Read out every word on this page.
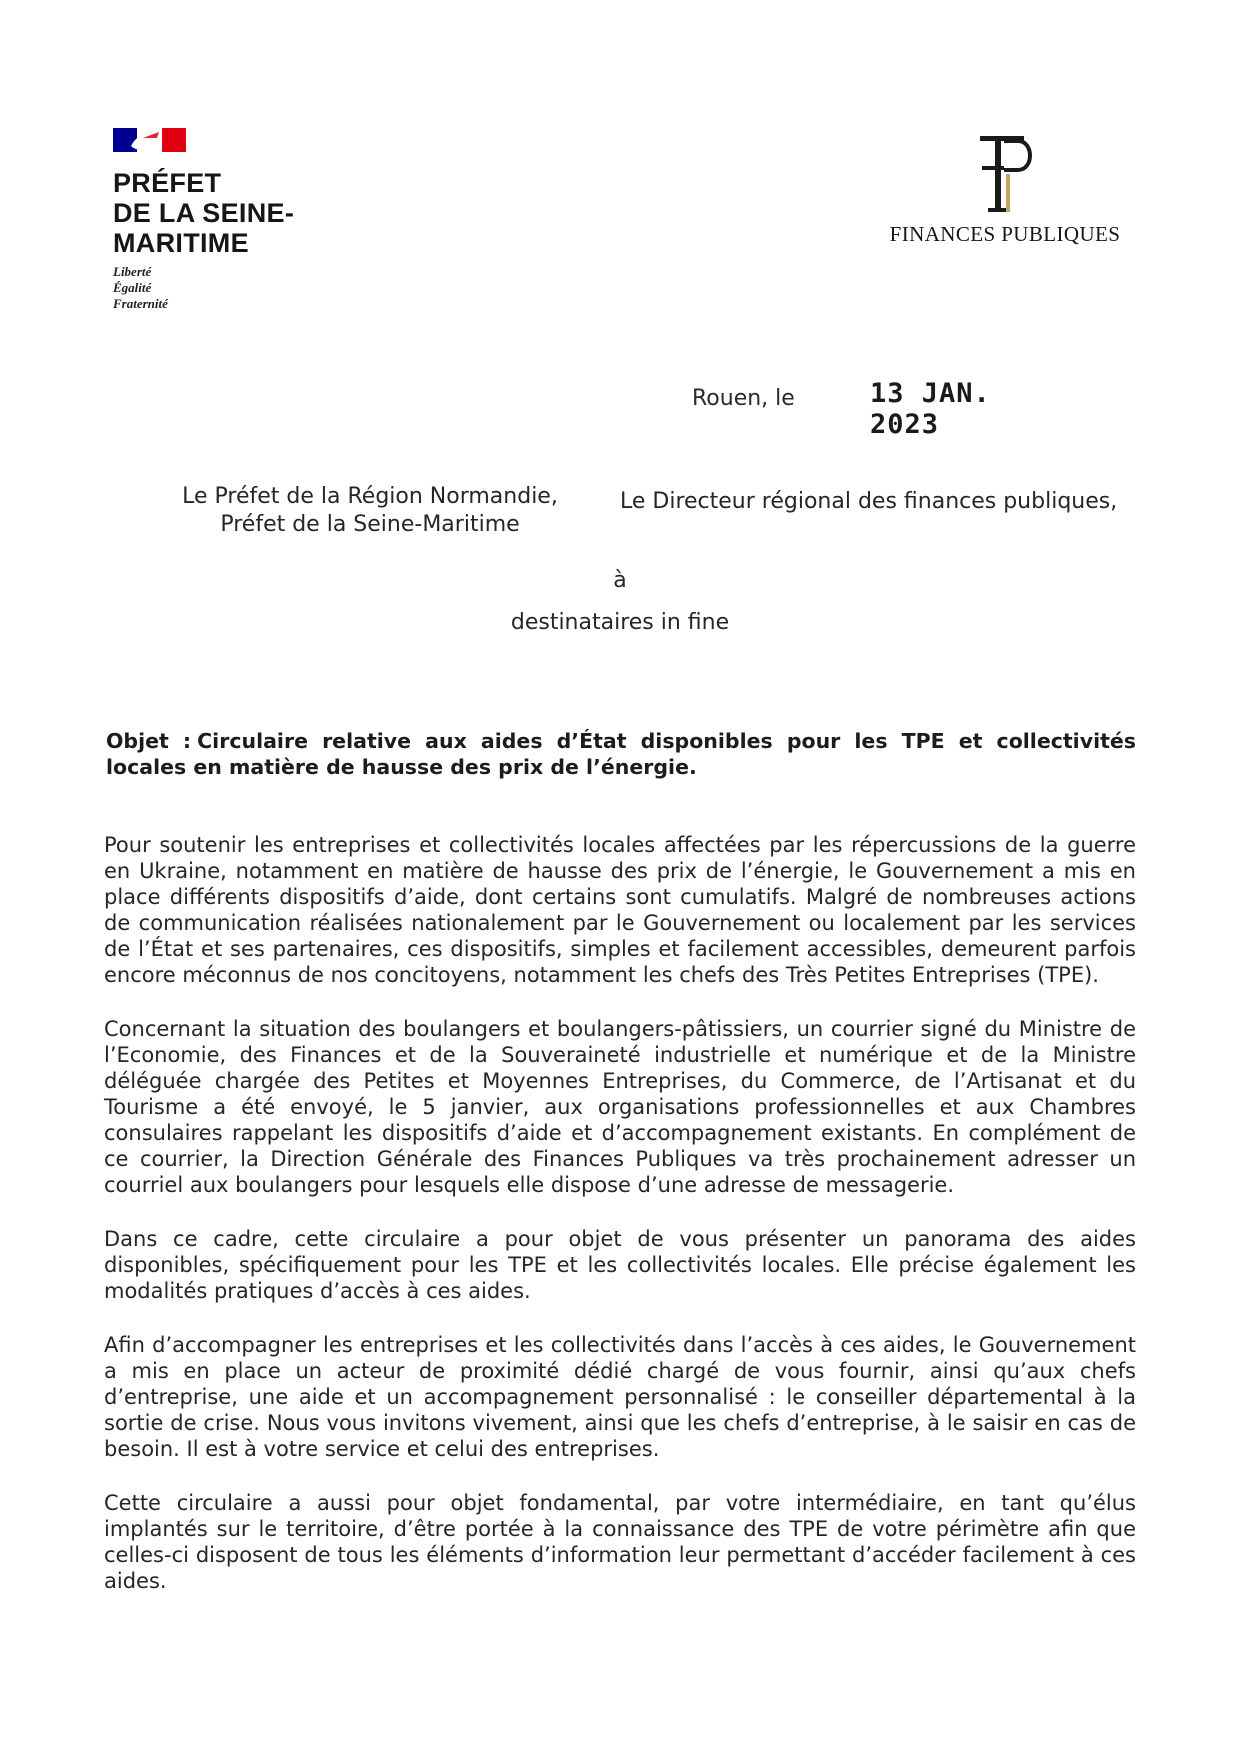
PRÉFET
DE LA SEINE-
MARITIME
Liberté
Égalité
Fraternité
FINANCES PUBLIQUES
Rouen, le	13 JAN. 2023
Le Préfet de la Région Normandie,
Préfet de la Seine-Maritime
Le Directeur régional des finances publiques,
à
destinataires in fine
Objet : Circulaire relative aux aides d’État disponibles pour les TPE et collectivités locales en matière de hausse des prix de l’énergie.

Pour soutenir les entreprises et collectivités locales affectées par les répercussions de la guerre en Ukraine, notamment en matière de hausse des prix de l’énergie, le Gouvernement a mis en place différents dispositifs d’aide, dont certains sont cumulatifs. Malgré de nombreuses actions de communication réalisées nationalement par le Gouvernement ou localement par les services de l’État et ses partenaires, ces dispositifs, simples et facilement accessibles, demeurent parfois encore méconnus de nos concitoyens, notamment les chefs des Très Petites Entreprises (TPE).

Concernant la situation des boulangers et boulangers-pâtissiers, un courrier signé du Ministre de l’Economie, des Finances et de la Souveraineté industrielle et numérique et de la Ministre déléguée chargée des Petites et Moyennes Entreprises, du Commerce, de l’Artisanat et du Tourisme a été envoyé, le 5 janvier, aux organisations professionnelles et aux Chambres consulaires rappelant les dispositifs d’aide et d’accompagnement existants. En complément de ce courrier, la Direction Générale des Finances Publiques va très prochainement adresser un courriel aux boulangers pour lesquels elle dispose d’une adresse de messagerie.

Dans ce cadre, cette circulaire a pour objet de vous présenter un panorama des aides disponibles, spécifiquement pour les TPE et les collectivités locales. Elle précise également les modalités pratiques d’accès à ces aides.

Afin d’accompagner les entreprises et les collectivités dans l’accès à ces aides, le Gouvernement a mis en place un acteur de proximité dédié chargé de vous fournir, ainsi qu’aux chefs d’entreprise, une aide et un accompagnement personnalisé : le conseiller départemental à la sortie de crise. Nous vous invitons vivement, ainsi que les chefs d’entreprise, à le saisir en cas de besoin. Il est à votre service et celui des entreprises.

Cette circulaire a aussi pour objet fondamental, par votre intermédiaire, en tant qu’élus implantés sur le territoire, d’être portée à la connaissance des TPE de votre périmètre afin que celles-ci disposent de tous les éléments d’information leur permettant d’accéder facilement à ces aides.
